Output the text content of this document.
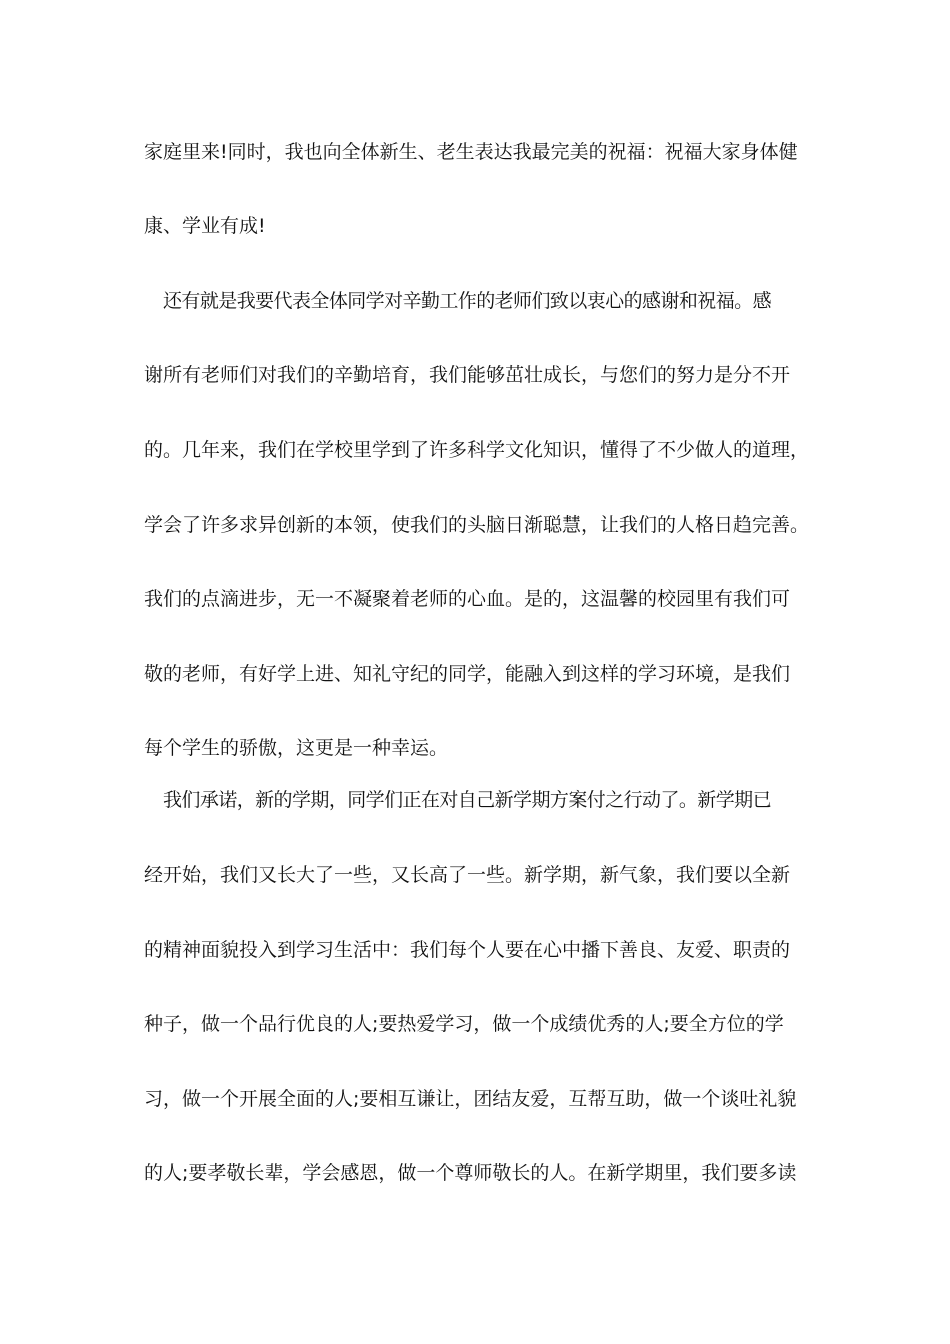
家庭里来!同时，我也向全体新生、老生表达我最完美的祝福：祝福大家身体健
康、学业有成!
还有就是我要代表全体同学对辛勤工作的老师们致以衷心的感谢和祝福。感
谢所有老师们对我们的辛勤培育，我们能够茁壮成长，与您们的努力是分不开
的。几年来，我们在学校里学到了许多科学文化知识，懂得了不少做人的道理，
学会了许多求异创新的本领，使我们的头脑日渐聪慧，让我们的人格日趋完善。
我们的点滴进步，无一不凝聚着老师的心血。是的，这温馨的校园里有我们可
敬的老师，有好学上进、知礼守纪的同学，能融入到这样的学习环境，是我们
每个学生的骄傲，这更是一种幸运。
我们承诺，新的学期，同学们正在对自己新学期方案付之行动了。新学期已
经开始，我们又长大了一些，又长高了一些。新学期，新气象，我们要以全新
的精神面貌投入到学习生活中：我们每个人要在心中播下善良、友爱、职责的
种子，做一个品行优良的人;要热爱学习，做一个成绩优秀的人;要全方位的学
习，做一个开展全面的人;要相互谦让，团结友爱，互帮互助，做一个谈吐礼貌
的人;要孝敬长辈，学会感恩，做一个尊师敬长的人。在新学期里，我们要多读
